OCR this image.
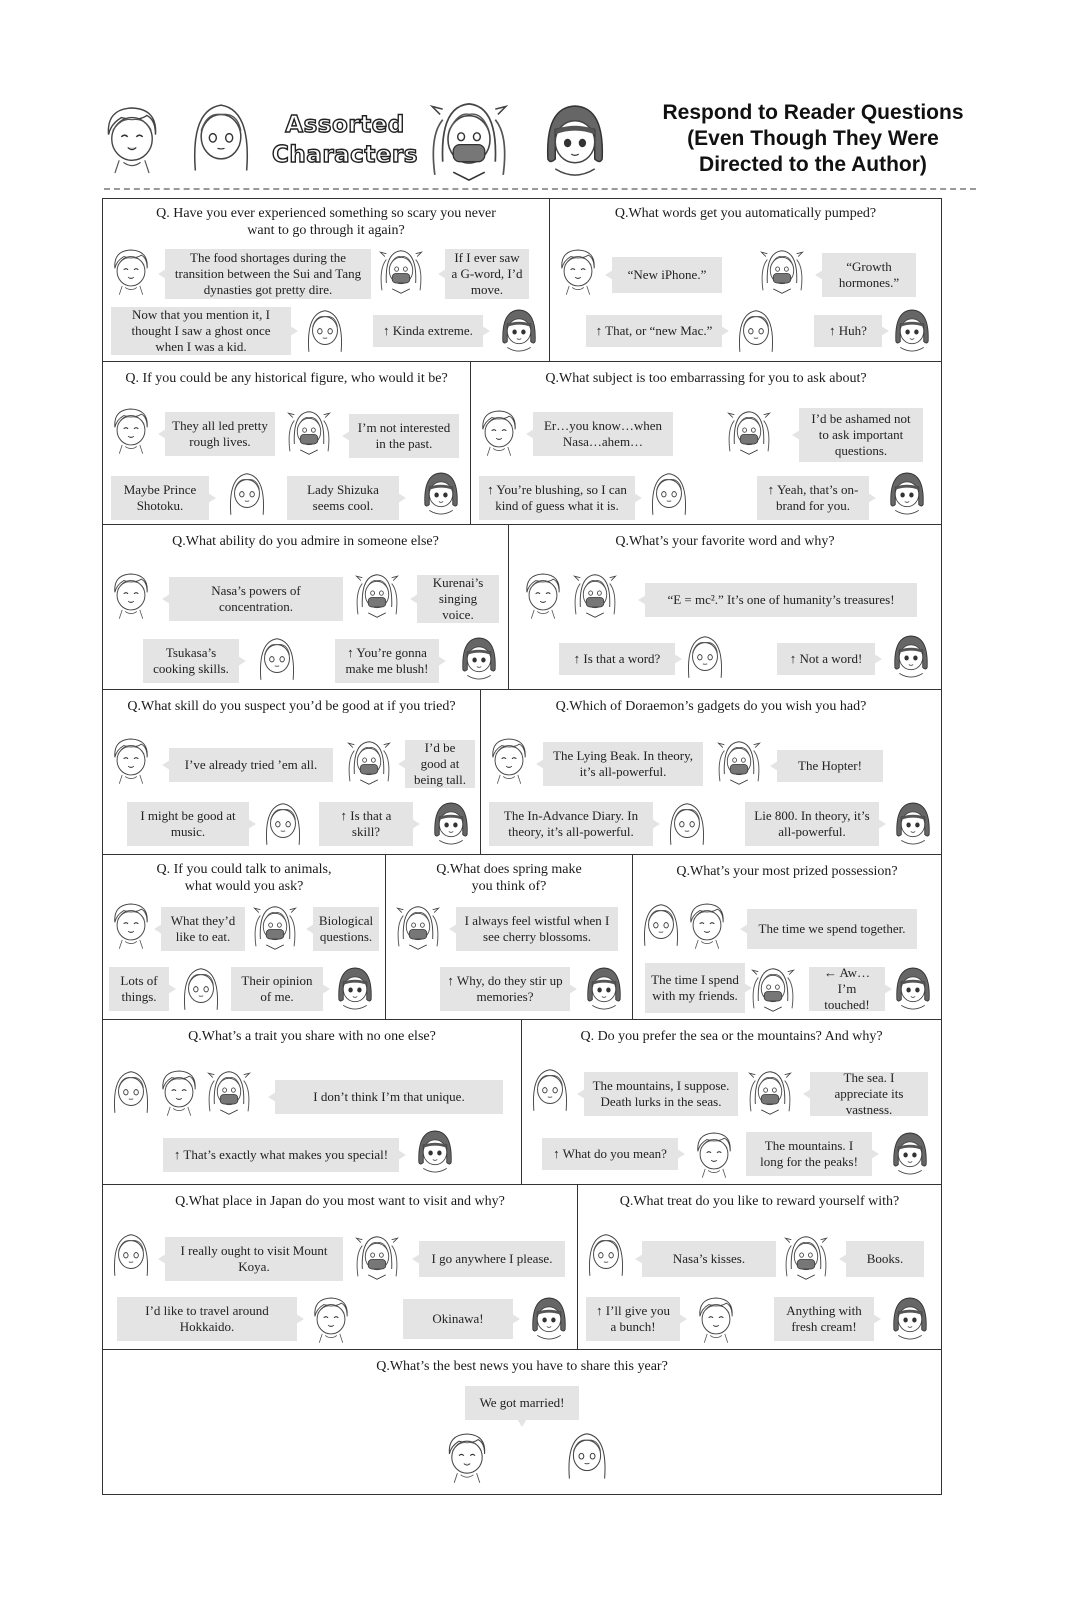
Assorted
Characters
Respond to Reader Questions
(Even Though They Were
Directed to the Author)
Q. Have you ever experienced something so scary you never
want to go through it again?
The food shortages during the transition between the Sui and Tang dynasties got pretty dire.
If I ever saw a G-word, I’d move.
Now that you mention it, I thought I saw a ghost once when I was a kid.
↑ Kinda extreme.
Q.What words get you automatically pumped?
“New iPhone.”
“Growth hormones.”
↑ That, or “new Mac.”	↑ Huh?
Q. If you could be any historical figure, who would it be?
They all led pretty rough lives.
I’m not interested in the past.
Maybe Prince Shotoku.
Lady Shizuka seems cool.
Q.What subject is too embarrassing for you to ask about?
Er…you know…when Nasa…ahem…
I’d be ashamed not to ask important questions.
↑ You’re blushing, so I can kind of guess what it is.
↑ Yeah, that’s on-brand for you.
Q.What ability do you admire in someone else?
Nasa’s powers of concentration.
Kurenai’s singing voice.
Tsukasa’s cooking skills.
↑ You’re gonna make me blush!
Q.What’s your favorite word and why?
“E = mc².” It’s one of humanity’s treasures!
↑ Is that a word?	↑ Not a word!
Q.What skill do you suspect you’d be good at if you tried?
I’ve already tried ’em all.
I’d be good at being tall.
I might be good at music.
↑ Is that a skill?
Q.Which of Doraemon’s gadgets do you wish you had?
The Lying Beak. In theory, it’s all-powerful.	The Hopter!
The In-Advance Diary. In theory, it’s all-powerful.
Lie 800. In theory, it’s all-powerful.
Q. If you could talk to animals,
what would you ask?
What they’d like to eat.
Biological questions.
Lots of things.
Their opinion of me.
Q.What does spring make
you think of?
I always feel wistful when I see cherry blossoms.
↑ Why, do they stir up memories?
Q.What’s your most prized possession?
The time we spend together.
The time I spend with my friends.
← Aw… I’m touched!
Q.What’s a trait you share with no one else?
I don’t think I’m that unique.
↑ That’s exactly what makes you special!
Q. Do you prefer the sea or the mountains? And why?
The mountains, I suppose. Death lurks in the seas.
The sea. I appreciate its vastness.
↑ What do you mean?
The mountains. I long for the peaks!
Q.What place in Japan do you most want to visit and why?
I really ought to visit Mount Koya.
I go anywhere I please.
I’d like to travel around Hokkaido.
Okinawa!
Q.What treat do you like to reward yourself with?
Nasa’s kisses.	Books.
↑ I’ll give you a bunch!
Anything with fresh cream!
Q.What’s the best news you have to share this year?
We got married!
